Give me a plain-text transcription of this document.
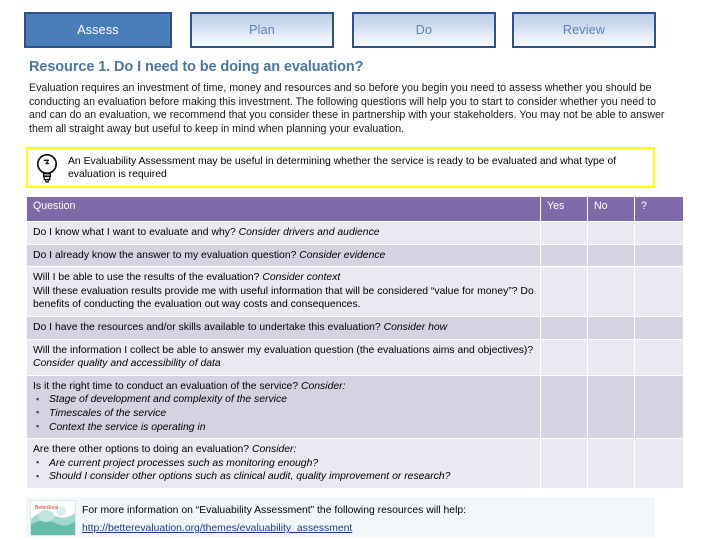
Assess	Plan	Do	Review
Resource 1. Do I need to be doing an evaluation?
Evaluation requires an investment of time, money and resources and so before you begin you need to assess whether you should be conducting an evaluation before making this investment. The following questions will help you to start to consider whether you need to and can do an evaluation, we recommend that you consider these in partnership with your stakeholders. You may not be able to answer them all straight away but useful to keep in mind when planning your evaluation.
An Evaluability Assessment may be useful in determining whether the service is ready to be evaluated and what type of evaluation is required
Question	Yes	No	?

Do I know what I want to evaluate and why? Consider drivers and audience			

Do I already know the answer to my evaluation question? Consider evidence			

Will I be able to use the results of the evaluation? Consider context
Will these evaluation results provide me with useful information that will be considered “value for money”? Do benefits of conducting the evaluation out way costs and consequences.			

Do I have the resources and/or skills available to undertake this evaluation? Consider how			

Will the information I collect be able to answer my evaluation question (the evaluations aims and objectives)? Consider quality and accessibility of data			

Is it the right time to conduct an evaluation of the service? Consider:
▪ Stage of development and complexity of the service
▪ Timescales of the service
▪ Context the service is operating in

Are there other options to doing an evaluation? Consider:
▪ Are current project processes such as monitoring enough?
▪ Should I consider other options such as clinical audit, quality improvement or research?

BetterEval For more information on “Evaluability Assessment” the following resources will help:
http://betterevaluation.org/themes/evaluability_assessment
